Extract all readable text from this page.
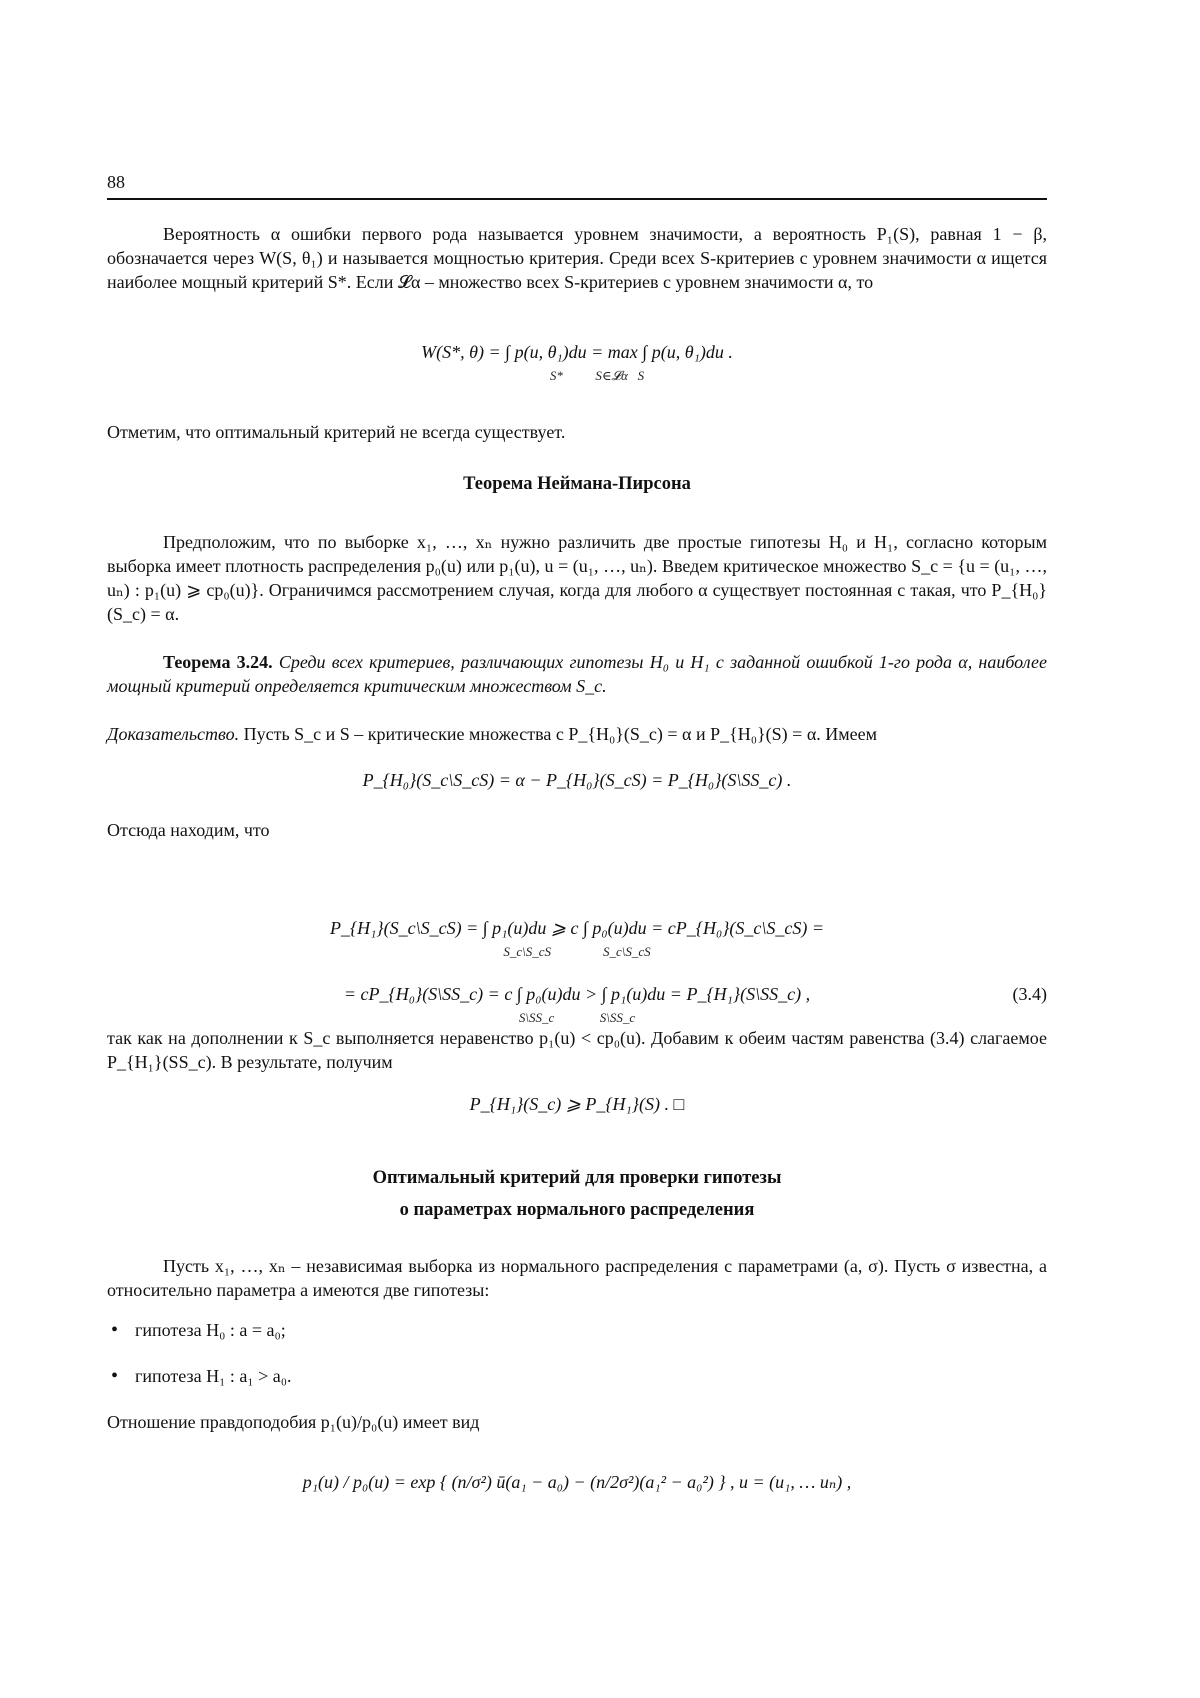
88

Вероятность α ошибки первого рода называется уровнем значимости, а вероятность P₁(S), равная 1 − β, обозначается через W(S, θ₁) и называется мощностью критерия. Среди всех S-критериев с уровнем значимости α ищется наиболее мощный критерий S*. Если 𝓛α – множество всех S-критериев с уровнем значимости α, то

W(S*, θ) = ∫ p(u, θ₁)du = max ∫ p(u, θ₁)du .

S*          S∈𝓛α   S

Отметим, что оптимальный критерий не всегда существует.

Теорема Неймана-Пирсона

Предположим, что по выборке x₁, …, xₙ нужно различить две простые гипотезы H₀ и H₁, согласно которым выборка имеет плотность распределения p₀(u) или p₁(u), u = (u₁, …, uₙ). Введем критическое множество S_c = {u = (u₁, …, uₙ) : p₁(u) ⩾ cp₀(u)}. Ограничимся рассмотрением случая, когда для любого α существует постоянная c такая, что P_{H₀}(S_c) = α.

Теорема 3.24. Среди всех критериев, различающих гипотезы H₀ и H₁ с заданной ошибкой 1-го рода α, наиболее мощный критерий определяется критическим множеством S_c.

Доказательство. Пусть S_c и S – критические множества с P_{H₀}(S_c) = α и P_{H₀}(S) = α. Имеем

P_{H₀}(S_c\S_cS) = α − P_{H₀}(S_cS) = P_{H₀}(S\SS_c) .

Отсюда находим, что

P_{H₁}(S_c\S_cS) = ∫ p₁(u)du ⩾ c ∫ p₀(u)du = cP_{H₀}(S_c\S_cS) =

S_c\S_cS                S_c\S_cS

= cP_{H₀}(S\SS_c) = c ∫ p₀(u)du > ∫ p₁(u)du = P_{H₁}(S\SS_c) ,	(3.4)

S\SS_c              S\SS_c

так как на дополнении к S_c выполняется неравенство p₁(u) < cp₀(u). Добавим к обеим частям равенства (3.4) слагаемое P_{H₁}(SS_c). В результате, получим

P_{H₁}(S_c) ⩾ P_{H₁}(S) . □

Оптимальный критерий для проверки гипотезы

о параметрах нормального распределения

Пусть x₁, …, xₙ – независимая выборка из нормального распределения с параметрами (a, σ). Пусть σ известна, а относительно параметра a имеются две гипотезы:

• гипотеза H₀ : a = a₀;
• гипотеза H₁ : a₁ > a₀.

Отношение правдоподобия p₁(u)/p₀(u) имеет вид

p₁(u) / p₀(u) = exp { (n/σ²) ū(a₁ − a₀) − (n/2σ²)(a₁² − a₀²) } , u = (u₁, … uₙ) ,
